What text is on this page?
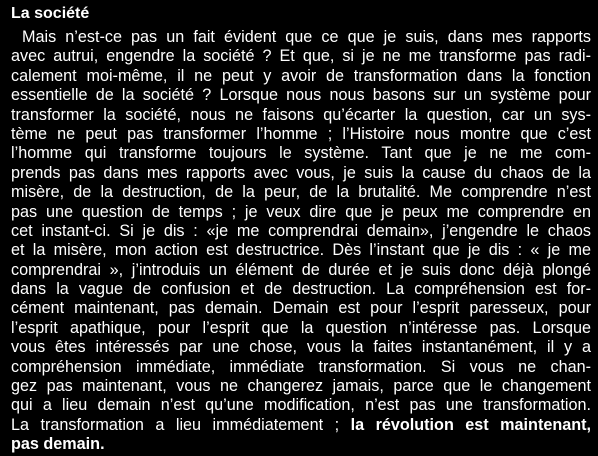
La société
Mais n’est-ce pas un fait évident que ce que je suis, dans mes rapports
avec autrui, engendre la société ? Et que, si je ne me transforme pas radi-
calement moi-même, il ne peut y avoir de transformation dans la fonction
essentielle de la société ? Lorsque nous nous basons sur un système pour
transformer la société, nous ne faisons qu’écarter la question, car un sys-
tème ne peut pas transformer l’homme ; l’Histoire nous montre que c’est
l’homme qui transforme toujours le système. Tant que je ne me com-
prends pas dans mes rapports avec vous, je suis la cause du chaos de la
misère, de la destruction, de la peur, de la brutalité. Me comprendre n’est
pas une question de temps ; je veux dire que je peux me comprendre en
cet instant-ci. Si je dis : «je me comprendrai demain», j’engendre le chaos
et la misère, mon action est destructrice. Dès l’instant que je dis : « je me
comprendrai », j’introduis un élément de durée et je suis donc déjà plongé
dans la vague de confusion et de destruction. La compréhension est for-
cément maintenant, pas demain. Demain est pour l’esprit paresseux, pour
l’esprit apathique, pour l’esprit que la question n’intéresse pas. Lorsque
vous êtes intéressés par une chose, vous la faites instantanément, il y a
compréhension immédiate, immédiate transformation. Si vous ne chan-
gez pas maintenant, vous ne changerez jamais, parce que le changement
qui a lieu demain n’est qu’une modification, n’est pas une transformation.
La transformation a lieu immédiatement ; la révolution est maintenant,
pas demain.
